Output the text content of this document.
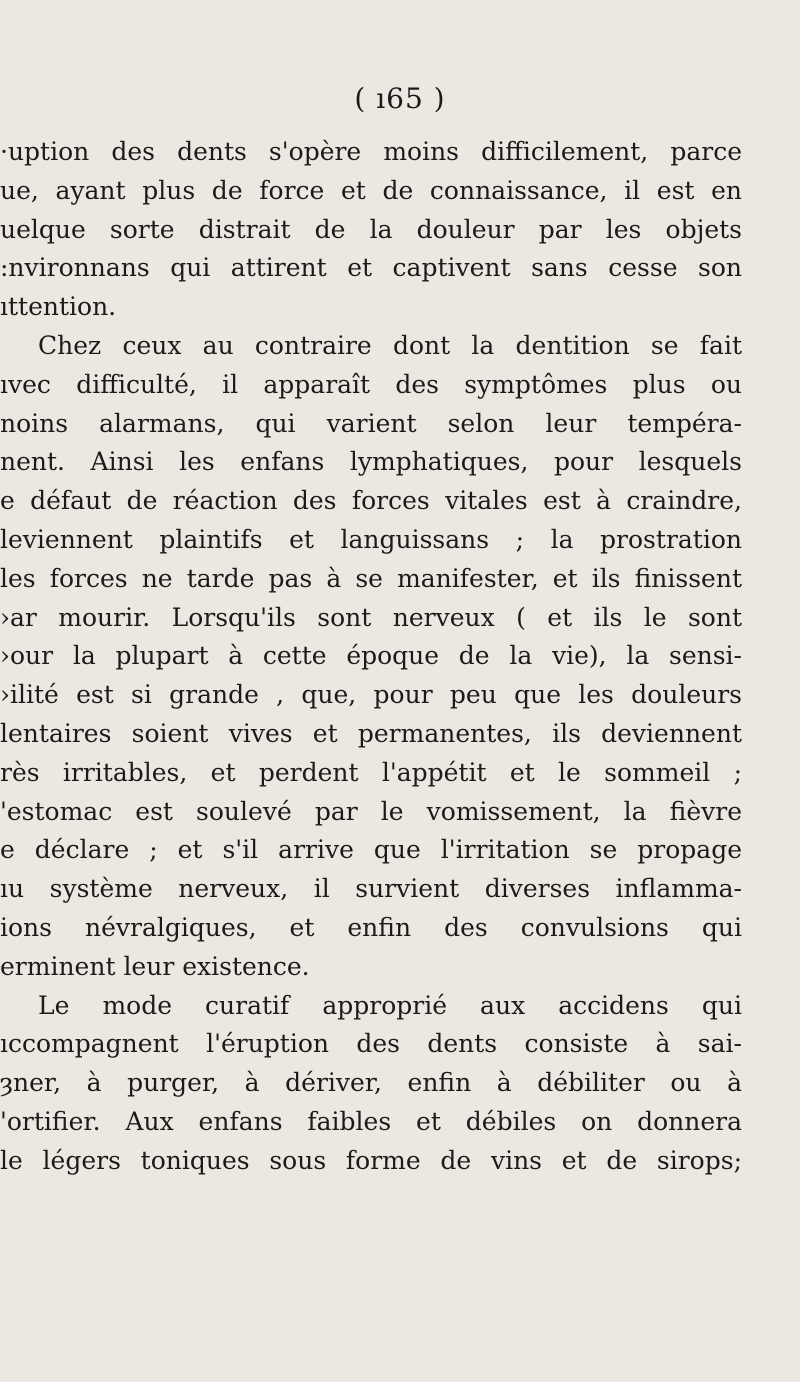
( ı65 )
·uption des dents s'opère moins difficilement, parce
ue, ayant plus de force et de connaissance, il est en
uelque sorte distrait de la douleur par les objets
:nvironnans qui attirent et captivent sans cesse son
ıttention.
Chez ceux au contraire dont la dentition se fait
ıvec difficulté, il apparaît des symptômes plus ou
noins alarmans, qui varient selon leur tempéra-
nent. Ainsi les enfans lymphatiques, pour lesquels
e défaut de réaction des forces vitales est à craindre,
leviennent plaintifs et languissans ; la prostration
les forces ne tarde pas à se manifester, et ils finissent
›ar mourir. Lorsqu'ils sont nerveux ( et ils le sont
›our la plupart à cette époque de la vie), la sensi-
›ilité est si grande , que, pour peu que les douleurs
lentaires soient vives et permanentes, ils deviennent
rès irritables, et perdent l'appétit et le sommeil ;
'estomac est soulevé par le vomissement, la fièvre
e déclare ; et s'il arrive que l'irritation se propage
ıu système nerveux, il survient diverses inflamma-
ions névralgiques, et enfin des convulsions qui
erminent leur existence.
Le mode curatif approprié aux accidens qui
ıccompagnent l'éruption des dents consiste à sai-
ȝner, à purger, à dériver, enfin à débiliter ou à
'ortifier. Aux enfans faibles et débiles on donnera
le légers toniques sous forme de vins et de sirops;
